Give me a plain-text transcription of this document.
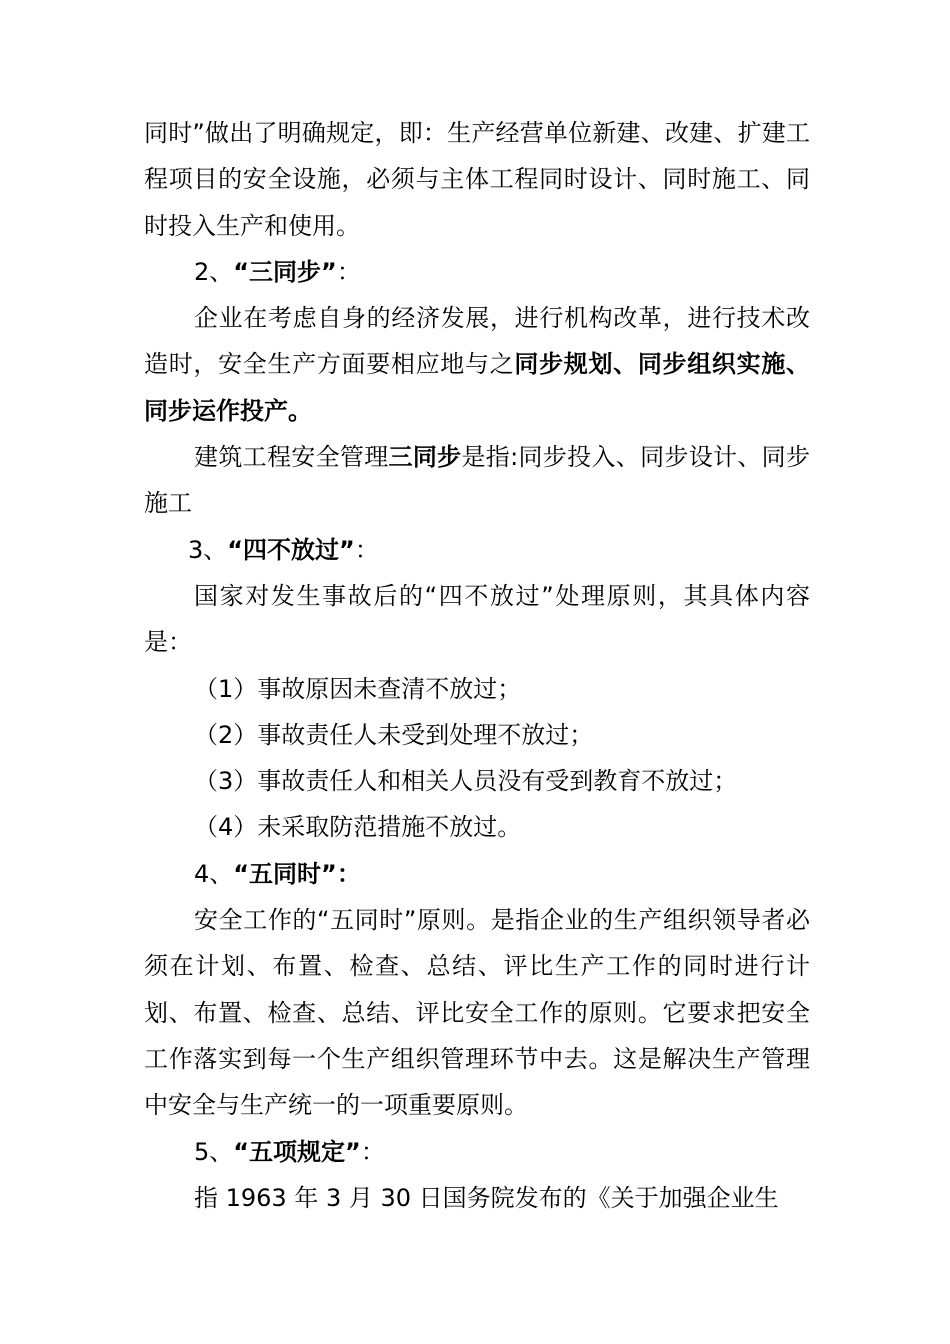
同时”做出了明确规定，即：生产经营单位新建、改建、扩建工程项目的安全设施，必须与主体工程同时设计、同时施工、同时投入生产和使用。

2、“三同步”：

企业在考虑自身的经济发展，进行机构改革，进行技术改造时，安全生产方面要相应地与之同步规划、同步组织实施、同步运作投产。

建筑工程安全管理三同步是指:同步投入、同步设计、同步施工

3、“四不放过”：

国家对发生事故后的“四不放过”处理原则，其具体内容是：

（1）事故原因未查清不放过；

（2）事故责任人未受到处理不放过；

（3）事故责任人和相关人员没有受到教育不放过；

（4）未采取防范措施不放过。

4、“五同时”：

安全工作的“五同时”原则。是指企业的生产组织领导者必须在计划、布置、检查、总结、评比生产工作的同时进行计划、布置、检查、总结、评比安全工作的原则。它要求把安全工作落实到每一个生产组织管理环节中去。这是解决生产管理中安全与生产统一的一项重要原则。

5、“五项规定”：

指 1963 年 3 月 30 日国务院发布的《关于加强企业生
